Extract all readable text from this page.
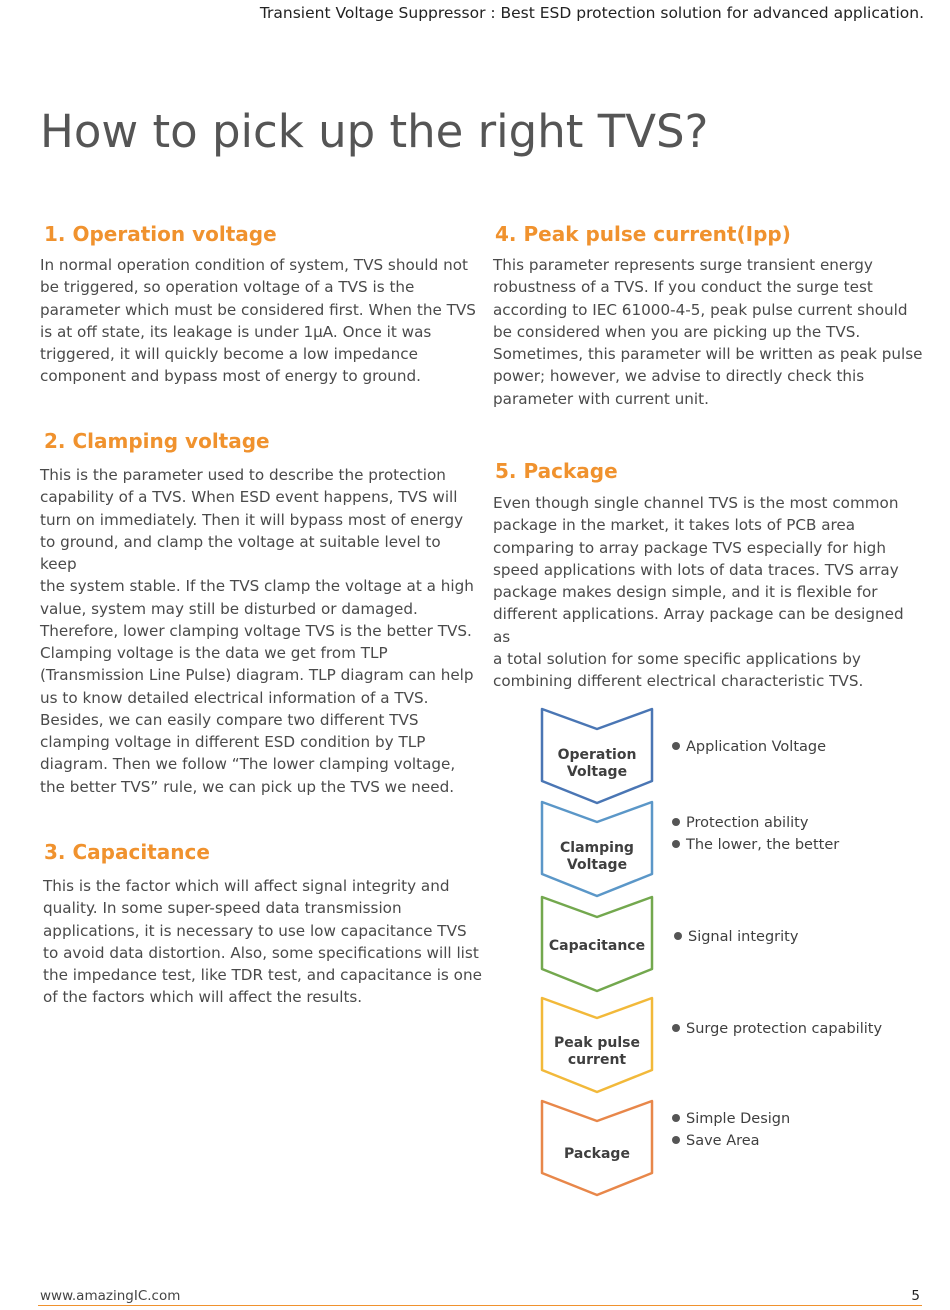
Transient Voltage Suppressor : Best ESD protection solution for advanced application.
How to pick up the right TVS?
1. Operation voltage
In normal operation condition of system, TVS should not
be triggered, so operation voltage of a TVS is the
parameter which must be considered first. When the TVS
is at off state, its leakage is under 1µA. Once it was
triggered, it will quickly become a low impedance
component and bypass most of energy to ground.
2. Clamping voltage
This is the parameter used to describe the protection
capability of a TVS. When ESD event happens, TVS will
turn on immediately. Then it will bypass most of energy
to ground, and clamp the voltage at suitable level to keep
the system stable. If the TVS clamp the voltage at a high
value, system may still be disturbed or damaged.
Therefore, lower clamping voltage TVS is the better TVS.
Clamping voltage is the data we get from TLP
(Transmission Line Pulse) diagram. TLP diagram can help
us to know detailed electrical information of a TVS.
Besides, we can easily compare two different TVS
clamping voltage in different ESD condition by TLP
diagram. Then we follow “The lower clamping voltage,
the better TVS” rule, we can pick up the TVS we need.
3. Capacitance
This is the factor which will affect signal integrity and
quality. In some super-speed data transmission
applications, it is necessary to use low capacitance TVS
to avoid data distortion. Also, some specifications will list
the impedance test, like TDR test, and capacitance is one
of the factors which will affect the results.
4. Peak pulse current(Ipp)
This parameter represents surge transient energy
robustness of a TVS. If you conduct the surge test
according to IEC 61000-4-5, peak pulse current should
be considered when you are picking up the TVS.
Sometimes, this parameter will be written as peak pulse
power; however, we advise to directly check this
parameter with current unit.
5. Package
Even though single channel TVS is the most common
package in the market, it takes lots of PCB area
comparing to array package TVS especially for high
speed applications with lots of data traces. TVS array
package makes design simple, and it is flexible for
different applications. Array package can be designed as
a total solution for some specific applications by
combining different electrical characteristic TVS.
Operation
Voltage
Application Voltage
Clamping
Voltage
Protection ability
The lower, the better
Capacitance
Signal integrity
Peak pulse
current
Surge protection capability
Package
Simple Design
Save Area
www.amazingIC.com	5
